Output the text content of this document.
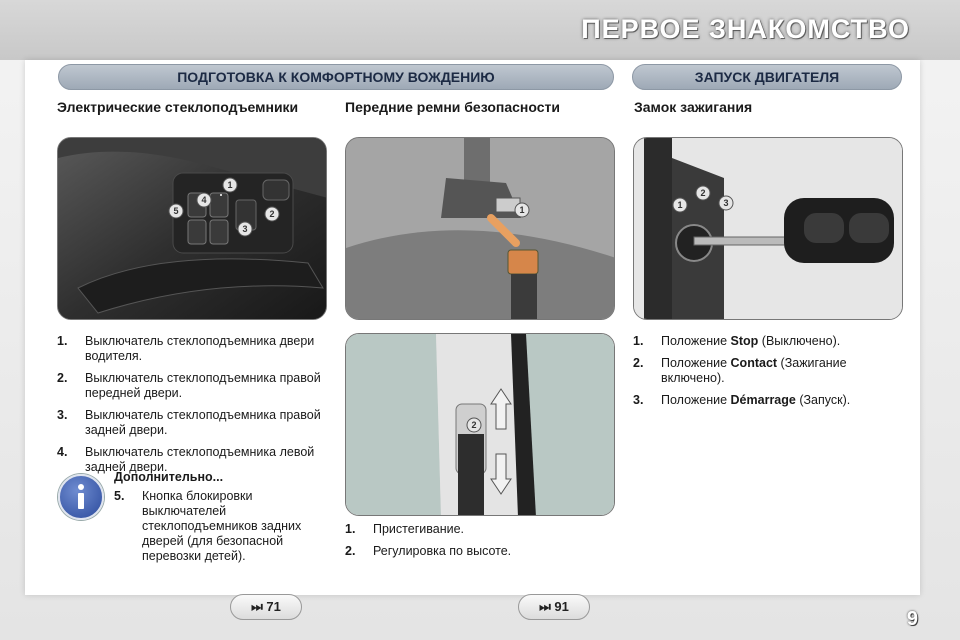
ПЕРВОЕ ЗНАКОМСТВО
ПОДГОТОВКА К КОМФОРТНОМУ ВОЖДЕНИЮ	ЗАПУСК ДВИГАТЕЛЯ
Электрические стеклоподъемники	Передние ремни безопасности	Замок зажигания
1
2
3
4
5	1	1
2
3
2
1.	Выключатель стеклоподъемника двери водителя.
2.	Выключатель стеклоподъемника правой передней двери.
3.	Выключатель стеклоподъемника правой задней двери.
4.	Выключатель стеклоподъемника левой задней двери.
Дополнительно...
5.	Кнопка блокировки выключателей стеклоподъемников задних дверей (для безопасной перевозки детей).
1.	Пристегивание.
2.	Регулировка по высоте.
1.	Положение Stop (Выключено).
2.	Положение Contact (Зажигание включено).
3.	Положение Démarrage (Запуск).
⏭ 71	⏭ 91
9
